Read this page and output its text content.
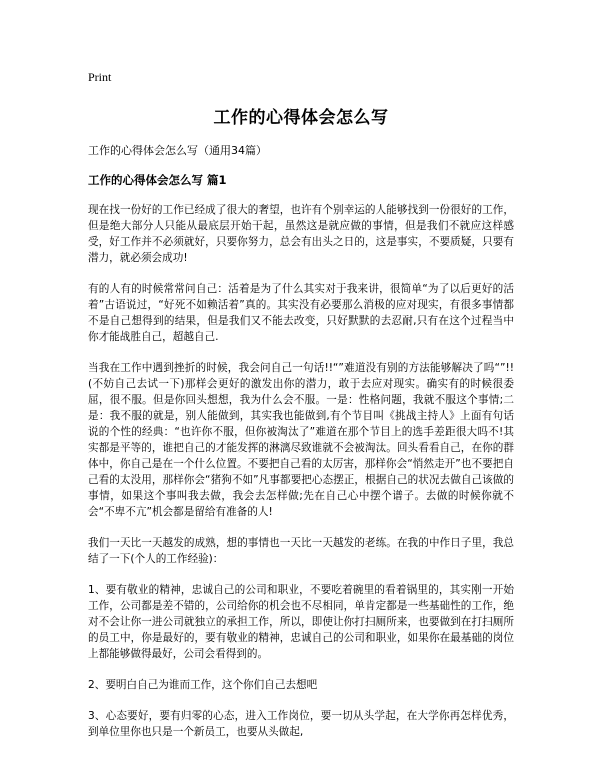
Print
工作的心得体会怎么写
工作的心得体会怎么写（通用34篇）
工作的心得体会怎么写 篇1

现在找一份好的工作已经成了很大的奢望，也许有个别幸运的人能够找到一份很好的工作，但是绝大部分人只能从最底层开始干起，虽然这是就应做的事情，但是我们不就应这样感受，好工作并不必须就好，只要你努力，总会有出头之日的，这是事实，不要质疑，只要有潜力，就必须会成功!

有的人有的时候常常问自己：活着是为了什么其实对于我来讲，很简单“为了以后更好的活着”古语说过，“好死不如赖活着”真的。其实没有必要那么消极的应对现实，有很多事情都不是自己想得到的结果，但是我们又不能去改变，只好默默的去忍耐,只有在这个过程当中你才能战胜自己，超越自己.

当我在工作中遇到挫折的时候，我会问自己一句话!!“”难道没有别的方法能够解决了吗“”!!(不妨自己去试一下)那样会更好的激发出你的潜力，敢于去应对现实。确实有的时候很委屈，很不服。但是你回头想想，我为什么会不服。一是：性格问题，我就不服这个事情;二是：我不服的就是，别人能做到，其实我也能做到,有个节目叫《挑战主持人》上面有句话说的个性的经典：“也许你不服，但你被淘汰了”难道在那个节目上的选手差距很大吗不!其实都是平等的，谁把自己的才能发挥的淋漓尽致谁就不会被淘汰。回头看看自己，在你的群体中，你自己是在一个什么位置。不要把自己看的太厉害，那样你会“悄然走开”也不要把自己看的太没用，那样你会“猪狗不如”凡事都要把心态摆正，根据自己的状况去做自己该做的事情，如果这个事叫我去做，我会去怎样做;先在自己心中摆个谱子。去做的时候你就不会“不卑不亢”机会都是留给有准备的人!

我们一天比一天越发的成熟，想的事情也一天比一天越发的老练。在我的中作日子里，我总结了一下(个人的工作经验)：

1、要有敬业的精神，忠诚自己的公司和职业，不要吃着碗里的看着锅里的，其实刚一开始工作，公司都是差不错的，公司给你的机会也不尽相同，单肯定都是一些基础性的工作，绝对不会让你一进公司就独立的承担工作，所以，即使让你打扫厕所来，也要做到在打扫厕所的员工中，你是最好的，要有敬业的精神，忠诚自己的公司和职业，如果你在最基础的岗位上都能够做得最好，公司会看得到的。

2、要明白自己为谁而工作，这个你们自己去想吧

3、心态要好，要有归零的心态，进入工作岗位，要一切从头学起，在大学你再怎样优秀，到单位里你也只是一个新员工，也要从头做起,
